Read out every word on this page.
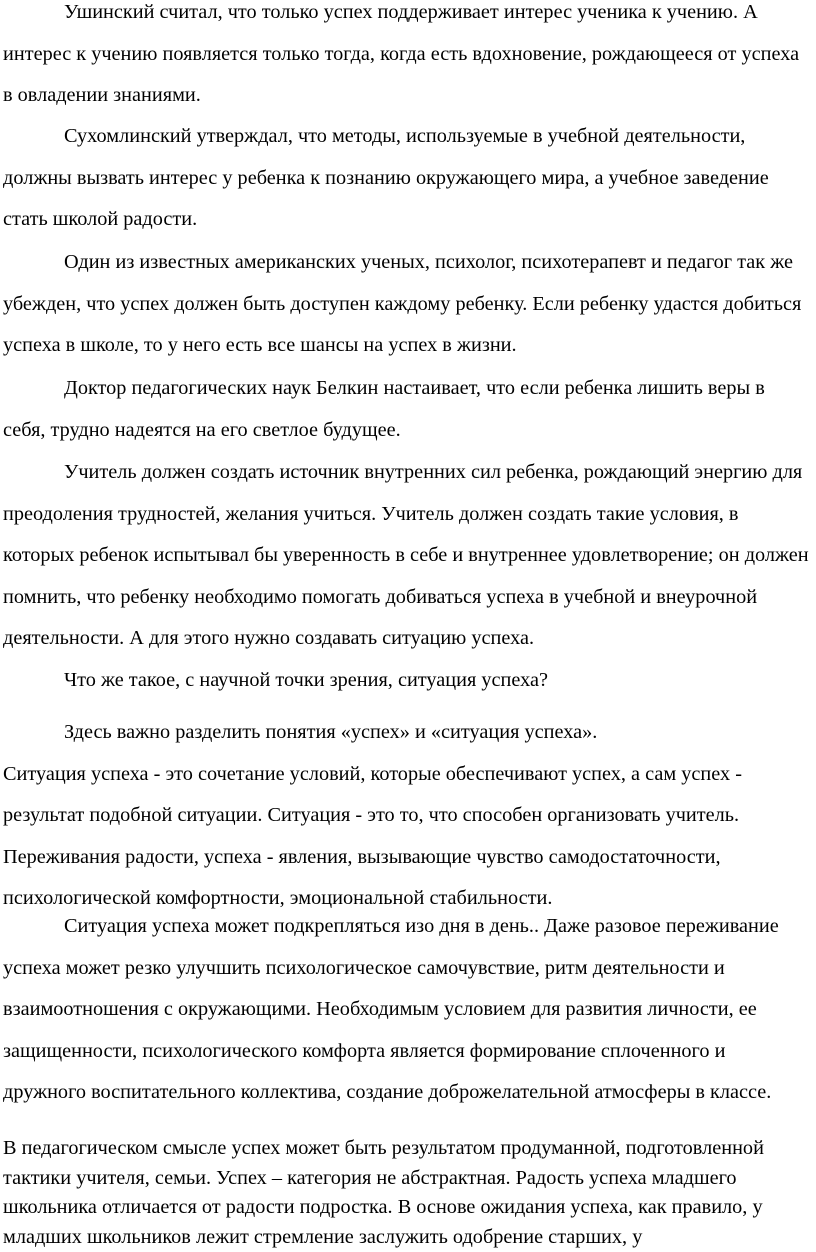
Ушинский считал, что только успех поддерживает интерес ученика к учению. А интерес к учению появляется только тогда, когда есть вдохновение, рождающееся от успеха в овладении знаниями.

Сухомлинский утверждал, что методы, используемые в учебной деятельности, должны вызвать интерес у ребенка к познанию окружающего мира, а учебное заведение стать школой радости.

Один из известных американских ученых, психолог, психотерапевт и педагог так же убежден, что успех должен быть доступен каждому ребенку. Если ребенку удастся добиться успеха в школе, то у него есть все шансы на успех в жизни.

Доктор педагогических наук Белкин настаивает, что если ребенка лишить веры в себя, трудно надеятся на его светлое будущее.

Учитель должен создать источник внутренних сил ребенка, рождающий энергию для преодоления трудностей, желания учиться. Учитель должен создать такие условия, в которых ребенок испытывал бы уверенность в себе и внутреннее удовлетворение; он должен помнить, что ребенку необходимо помогать добиваться успеха в учебной и внеурочной деятельности. А для этого нужно создавать ситуацию успеха.

Что же такое, с научной точки зрения, ситуация успеха?

Здесь важно разделить понятия «успех» и «ситуация успеха».
Ситуация успеха - это сочетание условий, которые обеспечивают успех, а сам успех - результат подобной ситуации. Ситуация - это то, что способен организовать учитель. Переживания радости, успеха - явления, вызывающие чувство самодостаточности, психологической комфортности, эмоциональной стабильности.

Ситуация успеха может подкрепляться изо дня в день.. Даже разовое переживание успеха может резко улучшить психологическое самочувствие, ритм деятельности и взаимоотношения с окружающими. Необходимым условием для развития личности, ее защищенности, психологического комфорта является формирование сплоченного и дружного воспитательного коллектива, создание доброжелательной атмосферы в классе.

В педагогическом смысле успех может быть результатом продуманной, подготовленной тактики учителя, семьи. Успех – категория не абстрактная. Радость успеха младшего школьника отличается от радости подростка. В основе ожидания успеха, как правило, у младших школьников лежит стремление заслужить одобрение старших, у
